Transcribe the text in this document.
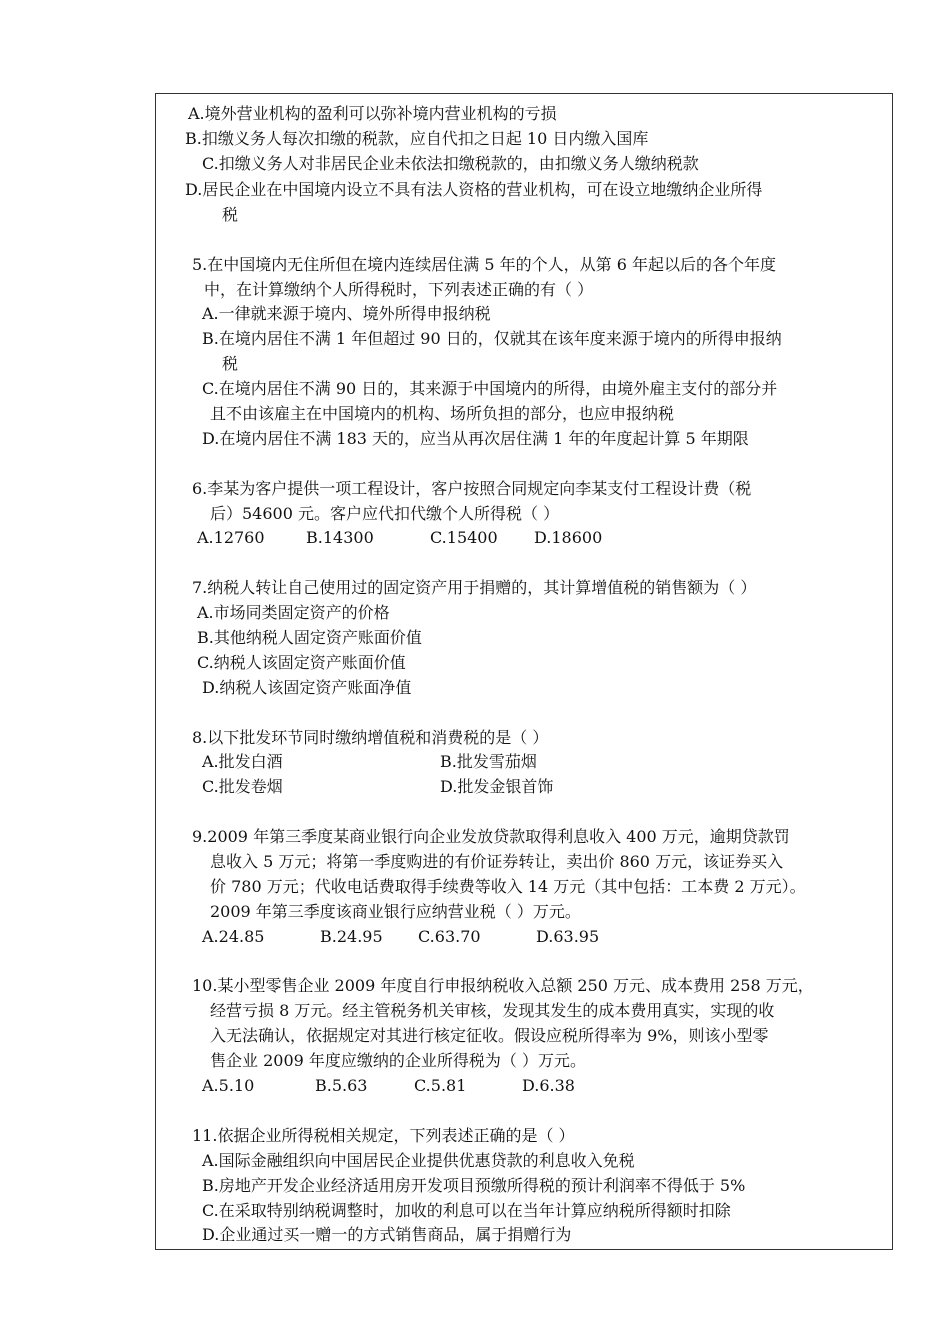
A.境外营业机构的盈利可以弥补境内营业机构的亏损
B.扣缴义务人每次扣缴的税款，应自代扣之日起 10 日内缴入国库
C.扣缴义务人对非居民企业未依法扣缴税款的，由扣缴义务人缴纳税款
D.居民企业在中国境内设立不具有法人资格的营业机构，可在设立地缴纳企业所得
税
5.在中国境内无住所但在境内连续居住满 5 年的个人，从第 6 年起以后的各个年度
中，在计算缴纳个人所得税时，下列表述正确的有（ ）
A.一律就来源于境内、境外所得申报纳税
B.在境内居住不满 1 年但超过 90 日的，仅就其在该年度来源于境内的所得申报纳
税
C.在境内居住不满 90 日的，其来源于中国境内的所得，由境外雇主支付的部分并
且不由该雇主在中国境内的机构、场所负担的部分，也应申报纳税
D.在境内居住不满 183 天的，应当从再次居住满 1 年的年度起计算 5 年期限
6.李某为客户提供一项工程设计，客户按照合同规定向李某支付工程设计费（税
后）54600 元。客户应代扣代缴个人所得税（ ）
A.12760	B.14300	C.15400 D.18600
7.纳税人转让自己使用过的固定资产用于捐赠的，其计算增值税的销售额为（ ）
A.市场同类固定资产的价格
B.其他纳税人固定资产账面价值
C.纳税人该固定资产账面价值
D.纳税人该固定资产账面净值
8.以下批发环节同时缴纳增值税和消费税的是（ ）
A.批发白酒	B.批发雪茄烟
C.批发卷烟	D.批发金银首饰
9.2009 年第三季度某商业银行向企业发放贷款取得利息收入 400 万元，逾期贷款罚
息收入 5 万元；将第一季度购进的有价证券转让，卖出价 860 万元，该证券买入
价 780 万元；代收电话费取得手续费等收入 14 万元（其中包括：工本费 2 万元）。
2009 年第三季度该商业银行应纳营业税（ ）万元。
A.24.85	B.24.95 C.63.70	D.63.95
10.某小型零售企业 2009 年度自行申报纳税收入总额 250 万元、成本费用 258 万元，
经营亏损 8 万元。经主管税务机关审核，发现其发生的成本费用真实，实现的收
入无法确认，依据规定对其进行核定征收。假设应税所得率为 9%，则该小型零
售企业 2009 年度应缴纳的企业所得税为（ ）万元。
A.5.10	B.5.63	C.5.81	D.6.38
11.依据企业所得税相关规定，下列表述正确的是（ ）
A.国际金融组织向中国居民企业提供优惠贷款的利息收入免税
B.房地产开发企业经济适用房开发项目预缴所得税的预计利润率不得低于 5%
C.在采取特别纳税调整时，加收的利息可以在当年计算应纳税所得额时扣除
D.企业通过买一赠一的方式销售商品，属于捐赠行为
